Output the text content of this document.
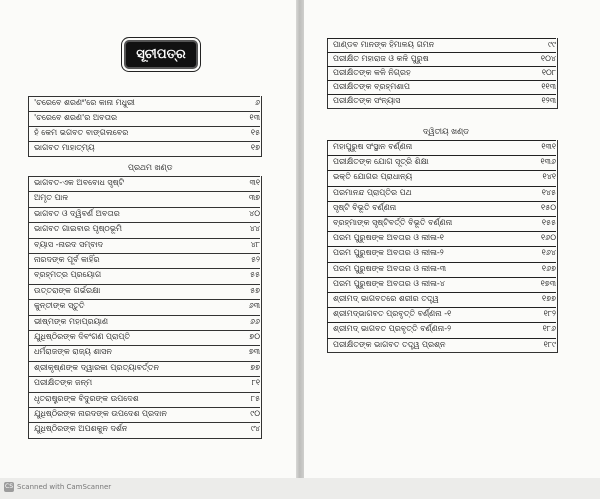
ସୂଚୀପତ୍ର
ପ୍ରଥମ ଖଣ୍ଡ
ଦ୍ୱିତୀୟ ଖଣ୍ଡ
'ଚରେବେ ଶରଣଂ'ରେ କାନା ମଧୁରୀ	୬
'ଚରେବେ ଶରଣ'ର ଅବତାର	୧୩
ହଁ କେମ ଭଗବତ ବାଙ୍ଗଲବେର	୧୫
ଭାଗବତ ମାହାତ୍ମ୍ୟ	୧୭
ଭାଗବତ-ଏକ ଅବବୋଧ ସୃଷ୍ଟି	୩୧
ଅମୃତ ପାଳ	୩୭
ଭାଗବତ ଓ ଦ୍ୱିବର୍ଣ ଅବତାର	୪୦
ଭାଗବତ ଗାଇବାର ପୃଷ୍ଠଭୂମି	୪୪
ବ୍ୟାସ -ନାରଦ ସମ୍ବାଦ	୪୮
ନାରଦଙ୍କ ପୂର୍ବ କାହିଁର	୫୨
ବ୍ରହ୍ମତ୍ର ପ୍ରୟୋଗ	୫୫
ଉତ୍ତରାଙ୍କ ଗର୍ଭରକ୍ଷା	୫୭
କୁନ୍ତୀଙ୍କ ସ୍ତୁତି	୬୩
ଭୀଷ୍ମଙ୍କ ମହାପ୍ରୟାଣ	୬୬
ଯୁଧିଷ୍ଠିରଙ୍କ ଦିବଂଗଣ ପ୍ରାପ୍ତି	୭୦
ଧର୍ମରାଜଙ୍କ ରାଜ୍ୟ ଶାସନ	୭୩
ଶ୍ରୀକୃଷ୍ଣଙ୍କ ଦ୍ୱାରକା ପ୍ରତ୍ୟାବର୍ତ୍ତନ	୭୭
ପରୀକ୍ଷିତଙ୍କ ଜନ୍ମ	୮୧
ଧୃତରାଷ୍ଟ୍ରଙ୍କ ବିଦୁରଙ୍କ ଉପଦେଶ	୮୫
ଯୁଧିଷ୍ଠିରଙ୍କ ନାରଦଙ୍କ ଉପଦେଶ ପ୍ରଦାନ	୯୦
ଯୁଧିଷ୍ଠିରଙ୍କ ଅପଶକୁନ ଦର୍ଶନ	୯୪
ପାଣ୍ଡବ ମାନଙ୍କ ହିମାଳୟ ଗମନ	୯୯
ପରୀକ୍ଷିତ ମହାରାଜ ଓ କଳି ପୁରୁଷ	୧୦୪
ପରୀକ୍ଷିତଙ୍କ କଳି ନିଗ୍ରହ	୧୦୮
ପରୀକ୍ଷିତଙ୍କ ବ୍ରହ୍ମଶାପ	୧୧୩
ପରୀକ୍ଷିତଙ୍କ ସଂନ୍ୟାସ	୧୨୩
ମହାପୁରୁଷ ସଂସ୍ଥାନ ବର୍ଣ୍ଣନା	୧୩୧
ପରୀକ୍ଷିତଙ୍କ ଯୋଗ ସୂତ୍ରି ଶିକ୍ଷା	୧୩୬
ଭକ୍ତି ଯୋଗର ପ୍ରାଧାନ୍ୟ	୧୪୧
ପରମାନନ୍ଦ ପ୍ରାପ୍ତିର ପଥ	୧୪୫
ସୃଷ୍ଟି ବିଭୂତି ବର୍ଣ୍ଣନା	୧୫୦
ବ୍ରହ୍ମାଙ୍କ ସୃଷ୍ଟିବର୍ତ୍ତି ବିଭୂତି ବର୍ଣ୍ଣନା	୧୫୫
ପରମ ପୁରୁଷଙ୍କ ଅବତାର ଓ ଲୀଳା-୧	୧୬୦
ପରମ ପୁରୁଷଙ୍କ ଅବତାର ଓ ଲୀଳା-୨	୧୬୪
ପରମ ପୁରୁଷଙ୍କ ଅବତାର ଓ ଲୀଳା-୩	୧୬୭
ପରମ ପୁରୁଷଙ୍କ ଅବତାର ଓ ଲୀଳା-୪	୧୭୩
ଶ୍ରୀମଦ୍ ଭାଗବତରେ ଶରୀର ତତ୍ତ୍ୱ	୧୭୭
ଶ୍ରୀମଦ୍ଭାଗବତ ପ୍ରବୃତ୍ତି ବର୍ଣ୍ଣନା -୧	୧୮୨
ଶ୍ରୀମଦ୍ ଭାଗବତ ପ୍ରବୃତ୍ତି ବର୍ଣ୍ଣନା-୨	୧୮୬
ପରୀକ୍ଷିତଙ୍କ ଭାଗବତ ତତ୍ତ୍ୱ ପ୍ରଶ୍ନ	୧୮୯
CS Scanned with CamScanner
